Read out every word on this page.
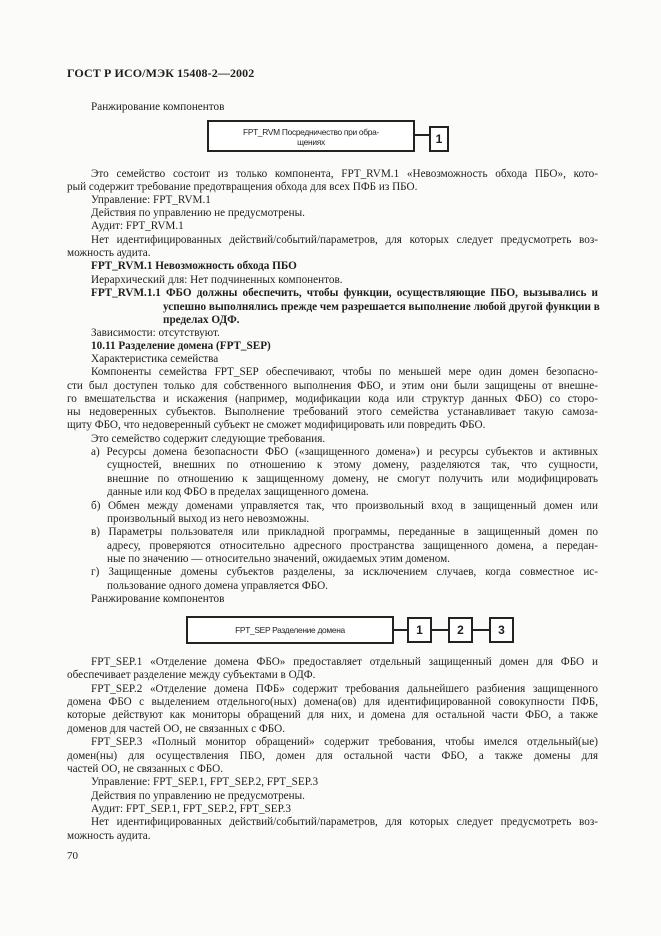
ГОСТ Р ИСО/МЭК 15408-2—2002
Ранжирование компонентов
FPT_RVM Посредничество при обра-
щениях	1
Это семейство состоит из только компонента, FPT_RVM.1 «Невозможность обхода ПБО», кото-
рый содержит требование предотвращения обхода для всех ПФБ из ПБО.
Управление: FPT_RVM.1
Действия по управлению не предусмотрены.
Аудит: FPT_RVM.1
Нет идентифицированных действий/событий/параметров, для которых следует предусмотреть воз-
можность аудита.
FPT_RVM.1 Невозможность обхода ПБО
Иерархический для: Нет подчиненных компонентов.
FPT_RVM.1.1 ФБО должны обеспечить, чтобы функции, осуществляющие ПБО, вызывались и
успешно выполнялись прежде чем разрешается выполнение любой другой функции в
пределах ОДФ.
Зависимости: отсутствуют.
10.11 Разделение домена (FPT_SEP)
Характеристика семейства
Компоненты семейства FPT_SEP обеспечивают, чтобы по меньшей мере один домен безопасно-
сти был доступен только для собственного выполнения ФБО, и этим они были защищены от внешне-
го вмешательства и искажения (например, модификации кода или структур данных ФБО) со сторо-
ны недоверенных субъектов. Выполнение требований этого семейства устанавливает такую самоза-
щиту ФБО, что недоверенный субъект не сможет модифицировать или повредить ФБО.
Это семейство содержит следующие требования.
а) Ресурсы домена безопасности ФБО («защищенного домена») и ресурсы субъектов и активных
сущностей, внешних по отношению к этому домену, разделяются так, что сущности,
внешние по отношению к защищенному домену, не смогут получить или модифицировать
данные или код ФБО в пределах защищенного домена.
б) Обмен между доменами управляется так, что произвольный вход в защищенный домен или
произвольный выход из него невозможны.
в) Параметры пользователя или прикладной программы, переданные в защищенный домен по
адресу, проверяются относительно адресного пространства защищенного домена, а передан-
ные по значению — относительно значений, ожидаемых этим доменом.
г) Защищенные домены субъектов разделены, за исключением случаев, когда совместное ис-
пользование одного домена управляется ФБО.
Ранжирование компонентов
FPT_SEP Разделение домена	1	2	3
FPT_SEP.1 «Отделение домена ФБО» предоставляет отдельный защищенный домен для ФБО и
обеспечивает разделение между субъектами в ОДФ.
FPT_SEP.2 «Отделение домена ПФБ» содержит требования дальнейшего разбиения защищенного
домена ФБО с выделением отдельного(ных) домена(ов) для идентифицированной совокупности ПФБ,
которые действуют как мониторы обращений для них, и домена для остальной части ФБО, а также
доменов для частей ОО, не связанных с ФБО.
FPT_SEP.3 «Полный монитор обращений» содержит требования, чтобы имелся отдельный(ые)
домен(ны) для осуществления ПБО, домен для остальной части ФБО, а также домены для
частей ОО, не связанных с ФБО.
Управление: FPT_SEP.1, FPT_SEP.2, FPT_SEP.3
Действия по управлению не предусмотрены.
Аудит: FPT_SEP.1, FPT_SEP.2, FPT_SEP.3
Нет идентифицированных действий/событий/параметров, для которых следует предусмотреть воз-
можность аудита.
70
